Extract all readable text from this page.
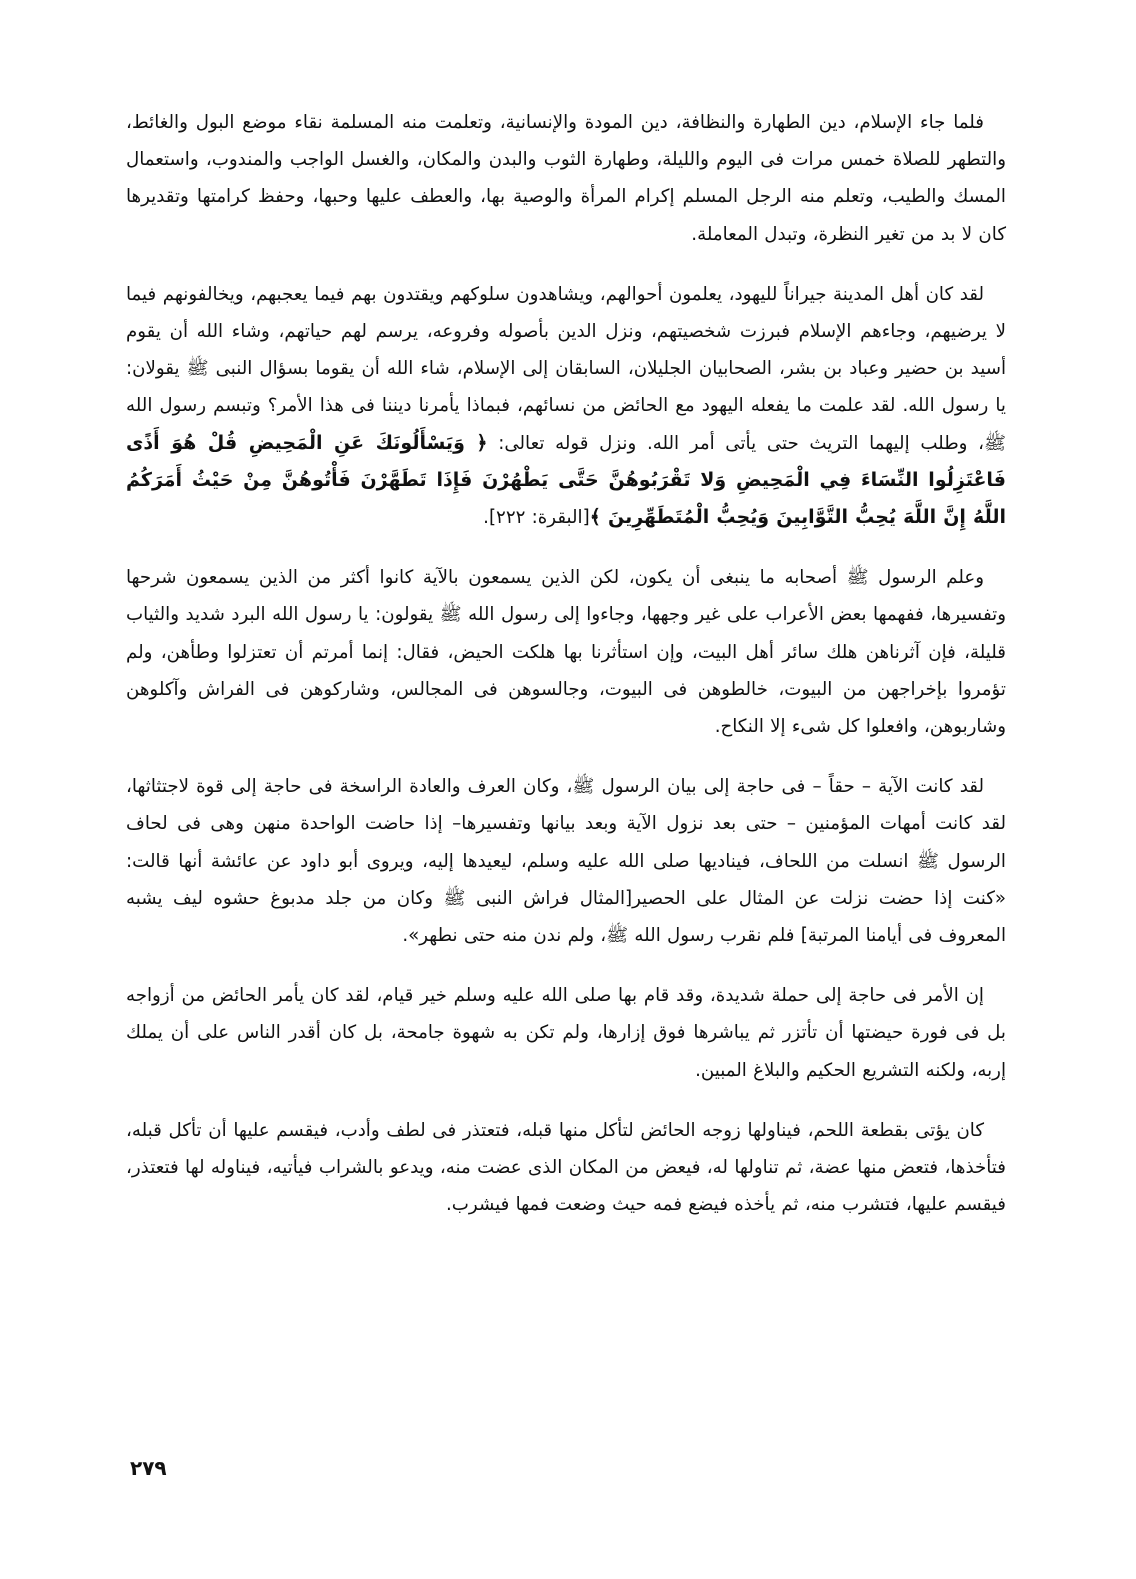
فلما جاء الإسلام، دين الطهارة والنظافة، دين المودة والإنسانية، وتعلمت منه المسلمة نقاء موضع البول والغائط، والتطهر للصلاة خمس مرات فى اليوم والليلة، وطهارة الثوب والبدن والمكان، والغسل الواجب والمندوب، واستعمال المسك والطيب، وتعلم منه الرجل المسلم إكرام المرأة والوصية بها، والعطف عليها وحبها، وحفظ كرامتها وتقديرها كان لا بد من تغير النظرة، وتبدل المعاملة.

لقد كان أهل المدينة جيراناً لليهود، يعلمون أحوالهم، ويشاهدون سلوكهم ويقتدون بهم فيما يعجبهم، ويخالفونهم فيما لا يرضيهم، وجاءهم الإسلام فبرزت شخصيتهم، ونزل الدين بأصوله وفروعه، يرسم لهم حياتهم، وشاء الله أن يقوم أسيد بن حضير وعباد بن بشر، الصحابيان الجليلان، السابقان إلى الإسلام، شاء الله أن يقوما بسؤال النبى ﷺ يقولان: يا رسول الله. لقد علمت ما يفعله اليهود مع الحائض من نسائهم، فبماذا يأمرنا ديننا فى هذا الأمر؟ وتبسم رسول الله ﷺ، وطلب إليهما التريث حتى يأتى أمر الله. ونزل قوله تعالى: ﴿ وَيَسْأَلُونَكَ عَنِ الْمَحِيضِ قُلْ هُوَ أَذًى فَاعْتَزِلُوا النِّسَاءَ فِي الْمَحِيضِ وَلا تَقْرَبُوهُنَّ حَتَّى يَطْهُرْنَ فَإِذَا تَطَهَّرْنَ فَأْتُوهُنَّ مِنْ حَيْثُ أَمَرَكُمُ اللَّهُ إِنَّ اللَّهَ يُحِبُّ التَّوَّابِينَ وَيُحِبُّ الْمُتَطَهِّرِينَ ﴾[البقرة: ٢٢٢].

وعلم الرسول ﷺ أصحابه ما ينبغى أن يكون، لكن الذين يسمعون بالآية كانوا أكثر من الذين يسمعون شرحها وتفسيرها، ففهمها بعض الأعراب على غير وجهها، وجاءوا إلى رسول الله ﷺ يقولون: يا رسول الله البرد شديد والثياب قليلة، فإن آثرناهن هلك سائر أهل البيت، وإن استأثرنا بها هلكت الحيض، فقال: إنما أمرتم أن تعتزلوا وطأهن، ولم تؤمروا بإخراجهن من البيوت، خالطوهن فى البيوت، وجالسوهن فى المجالس، وشاركوهن فى الفراش وآكلوهن وشاربوهن، وافعلوا كل شىء إلا النكاح.

لقد كانت الآية – حقاً – فى حاجة إلى بيان الرسول ﷺ، وكان العرف والعادة الراسخة فى حاجة إلى قوة لاجتثاثها، لقد كانت أمهات المؤمنين – حتى بعد نزول الآية وبعد بيانها وتفسيرها– إذا حاضت الواحدة منهن وهى فى لحاف الرسول ﷺ انسلت من اللحاف، فيناديها صلى الله عليه وسلم، ليعيدها إليه، ويروى أبو داود عن عائشة أنها قالت: «كنت إذا حضت نزلت عن المثال على الحصير[المثال فراش النبى ﷺ وكان من جلد مدبوغ حشوه ليف يشبه المعروف فى أيامنا المرتبة] فلم نقرب رسول الله ﷺ، ولم ندن منه حتى نطهر».

إن الأمر فى حاجة إلى حملة شديدة، وقد قام بها صلى الله عليه وسلم خير قيام، لقد كان يأمر الحائض من أزواجه بل فى فورة حيضتها أن تأتزر ثم يباشرها فوق إزارها، ولم تكن به شهوة جامحة، بل كان أقدر الناس على أن يملك إربه، ولكنه التشريع الحكيم والبلاغ المبين.

كان يؤتى بقطعة اللحم، فيناولها زوجه الحائض لتأكل منها قبله، فتعتذر فى لطف وأدب، فيقسم عليها أن تأكل قبله، فتأخذها، فتعض منها عضة، ثم تناولها له، فيعض من المكان الذى عضت منه، ويدعو بالشراب فيأتيه، فيناوله لها فتعتذر، فيقسم عليها، فتشرب منه، ثم يأخذه فيضع فمه حيث وضعت فمها فيشرب.

٢٧٩
